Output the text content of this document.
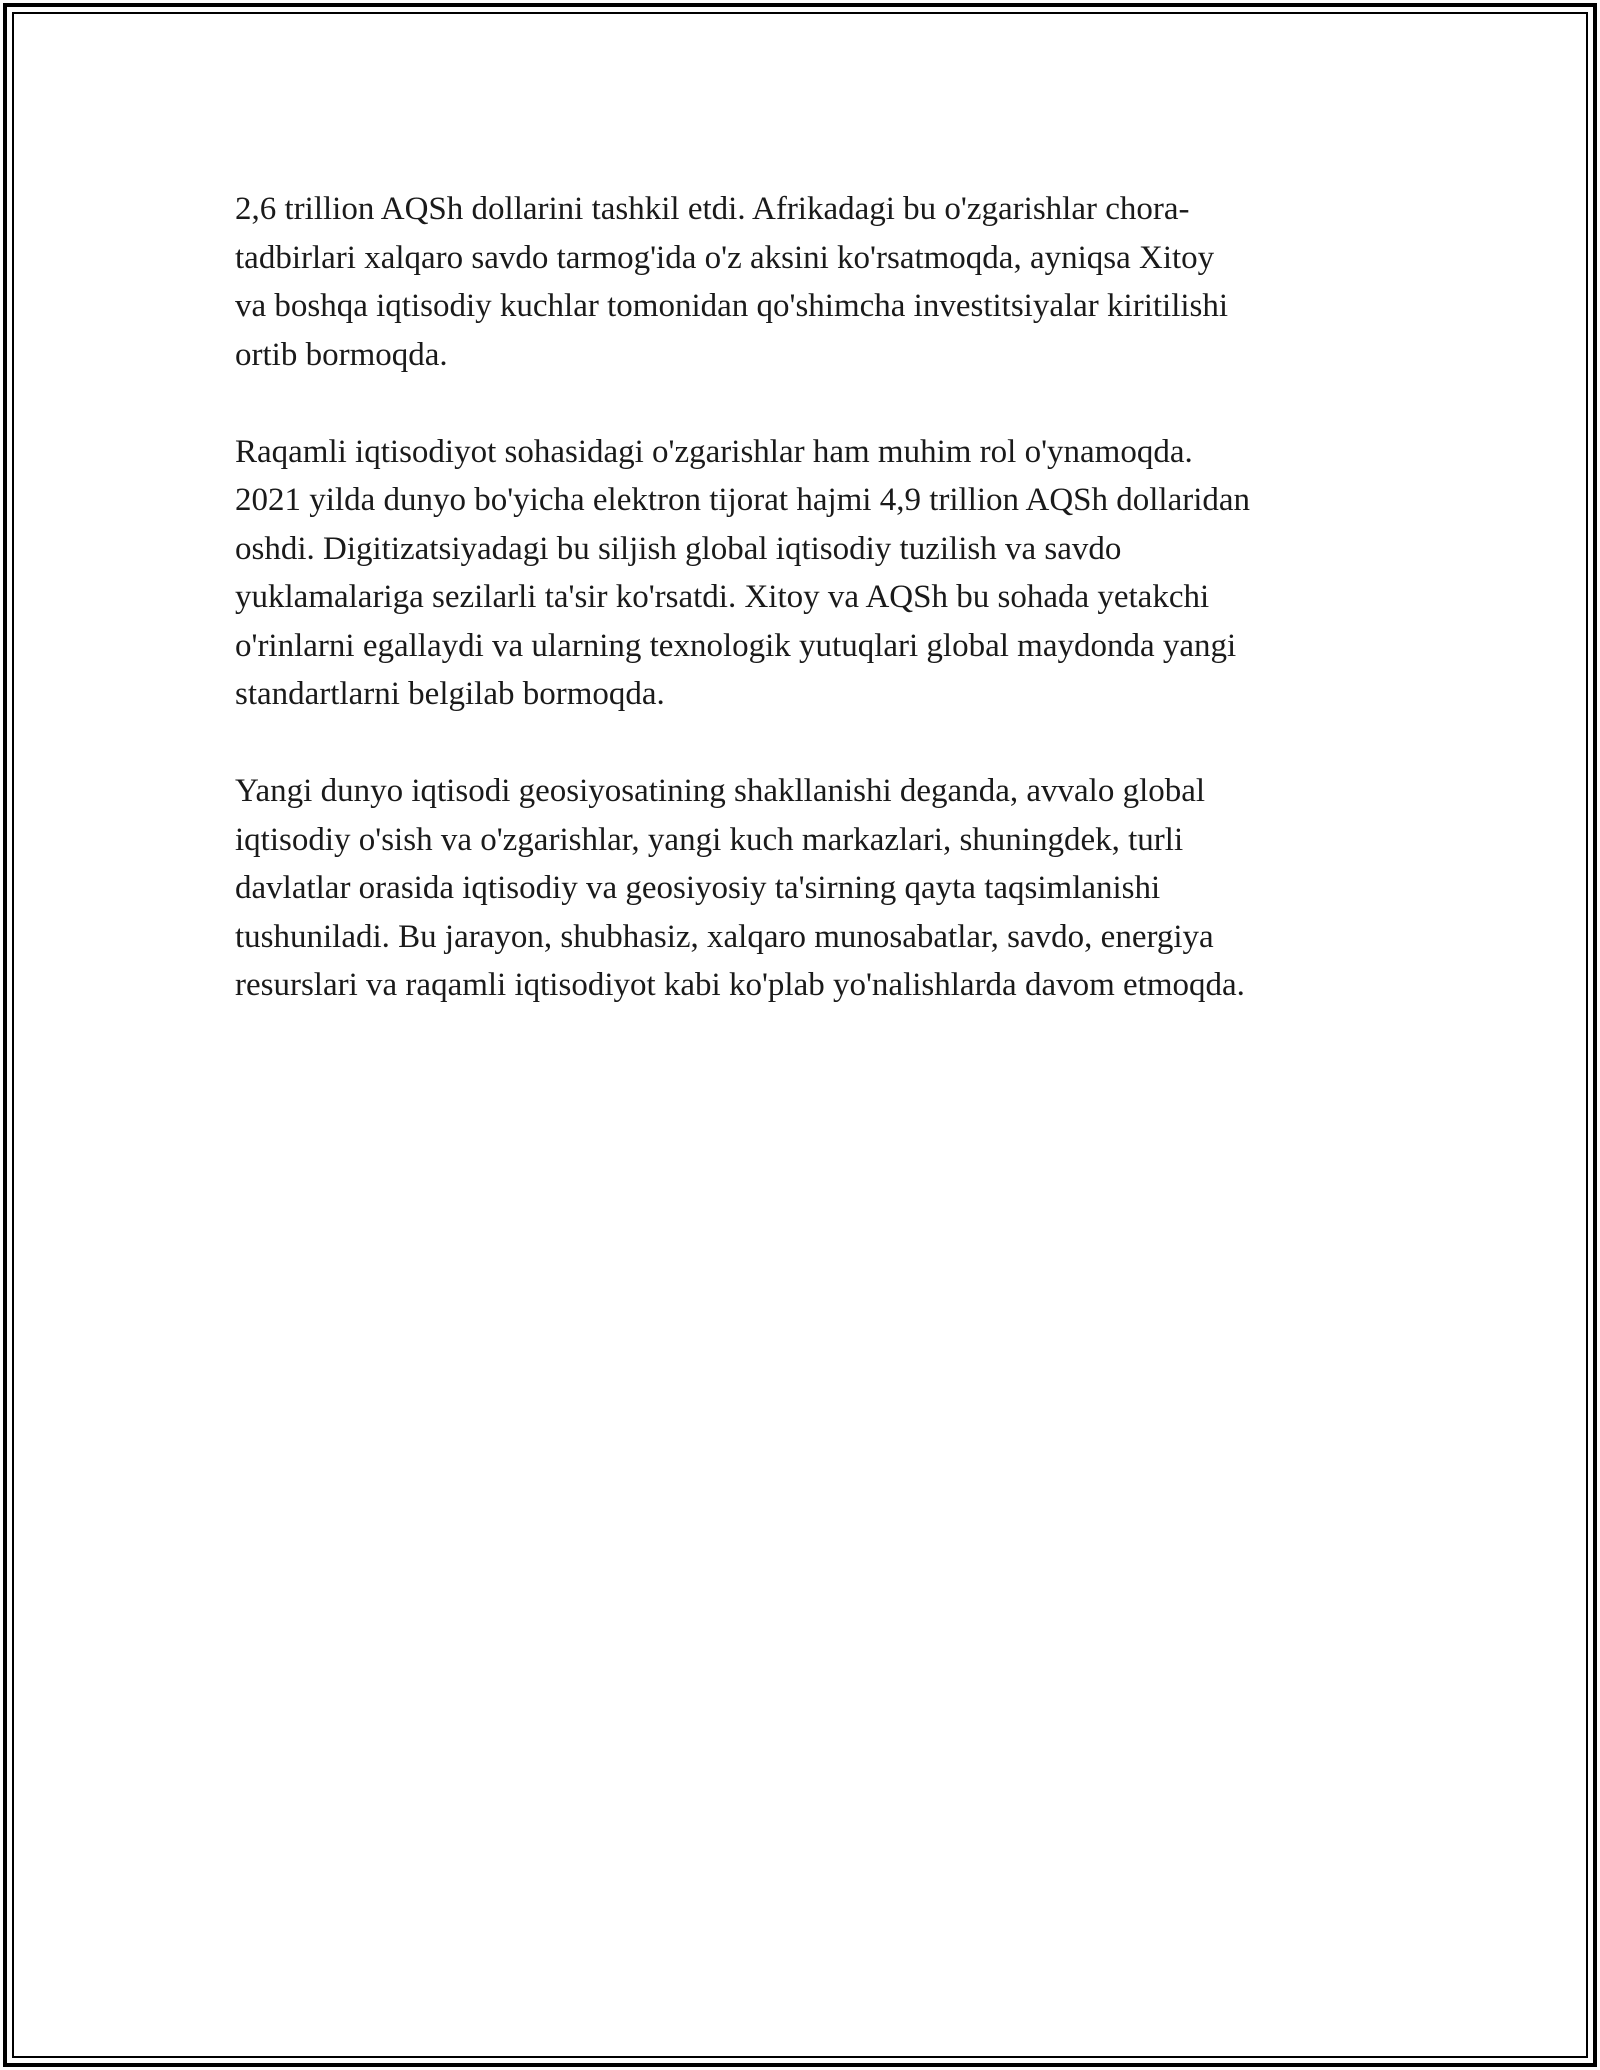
2,6 trillion AQSh dollarini tashkil etdi. Afrikadagi bu o'zgarishlar chora-
tadbirlari xalqaro savdo tarmog'ida o'z aksini ko'rsatmoqda, ayniqsa Xitoy
va boshqa iqtisodiy kuchlar tomonidan qo'shimcha investitsiyalar kiritilishi
ortib bormoqda.

Raqamli iqtisodiyot sohasidagi o'zgarishlar ham muhim rol o'ynamoqda.
2021 yilda dunyo bo'yicha elektron tijorat hajmi 4,9 trillion AQSh dollaridan
oshdi. Digitizatsiyadagi bu siljish global iqtisodiy tuzilish va savdo
yuklamalariga sezilarli ta'sir ko'rsatdi. Xitoy va AQSh bu sohada yetakchi
o'rinlarni egallaydi va ularning texnologik yutuqlari global maydonda yangi
standartlarni belgilab bormoqda.

Yangi dunyo iqtisodi geosiyosatining shakllanishi deganda, avvalo global
iqtisodiy o'sish va o'zgarishlar, yangi kuch markazlari, shuningdek, turli
davlatlar orasida iqtisodiy va geosiyosiy ta'sirning qayta taqsimlanishi
tushuniladi. Bu jarayon, shubhasiz, xalqaro munosabatlar, savdo, energiya
resurslari va raqamli iqtisodiyot kabi ko'plab yo'nalishlarda davom etmoqda.
